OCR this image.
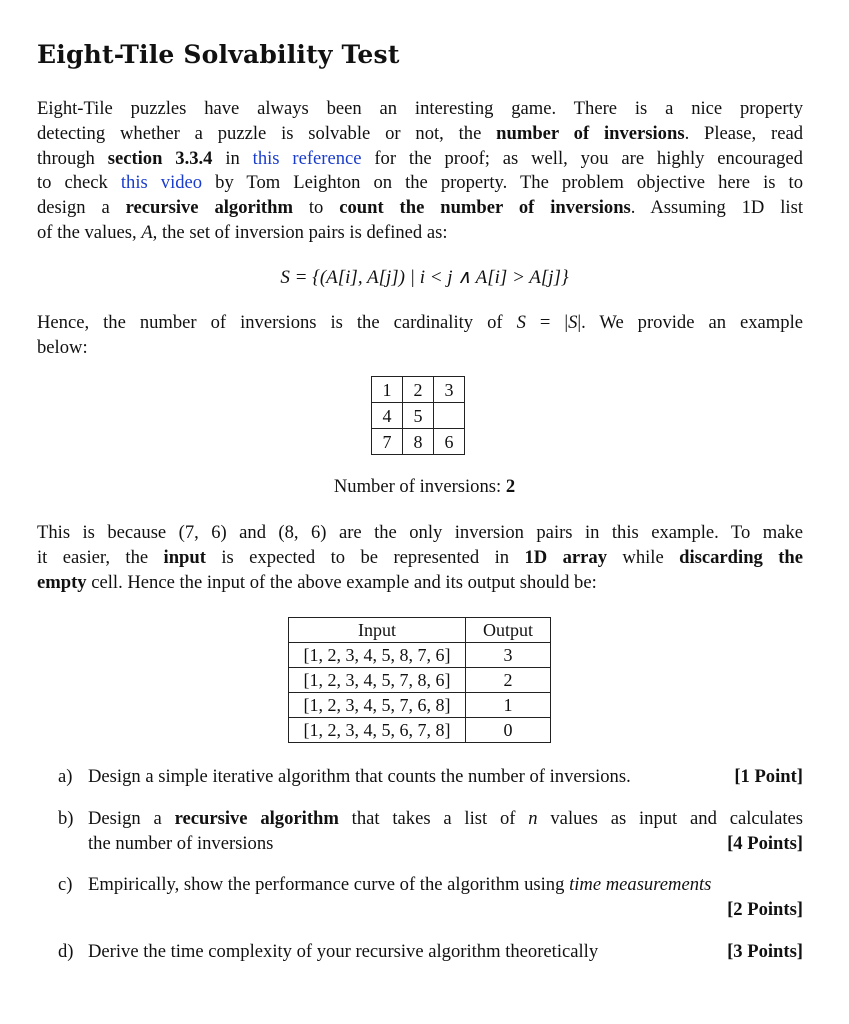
Eight-Tile Solvability Test
Eight-Tile puzzles have always been an interesting game. There is a nice property
detecting whether a puzzle is solvable or not, the number of inversions. Please, read
through section 3.3.4 in this reference for the proof; as well, you are highly encouraged
to check this video by Tom Leighton on the property. The problem objective here is to
design a recursive algorithm to count the number of inversions. Assuming 1D list
of the values, A, the set of inversion pairs is defined as:
S = {(A[i], A[j]) | i < j ∧ A[i] > A[j]}
Hence, the number of inversions is the cardinality of S = |S|. We provide an example
below:
1	2	3
4	5	
7	8	6
Number of inversions: 2
This is because (7, 6) and (8, 6) are the only inversion pairs in this example. To make
it easier, the input is expected to be represented in 1D array while discarding the
empty cell. Hence the input of the above example and its output should be:
Input	Output
[1, 2, 3, 4, 5, 8, 7, 6]	3
[1, 2, 3, 4, 5, 7, 8, 6]	2
[1, 2, 3, 4, 5, 7, 6, 8]	1
[1, 2, 3, 4, 5, 6, 7, 8]	0
a) Design a simple iterative algorithm that counts the number of inversions.	[1 Point]
b) Design a recursive algorithm that takes a list of n values as input and calculates
the number of inversions	[4 Points]
c) Empirically, show the performance curve of the algorithm using time measurements
[2 Points]
d) Derive the time complexity of your recursive algorithm theoretically	[3 Points]
